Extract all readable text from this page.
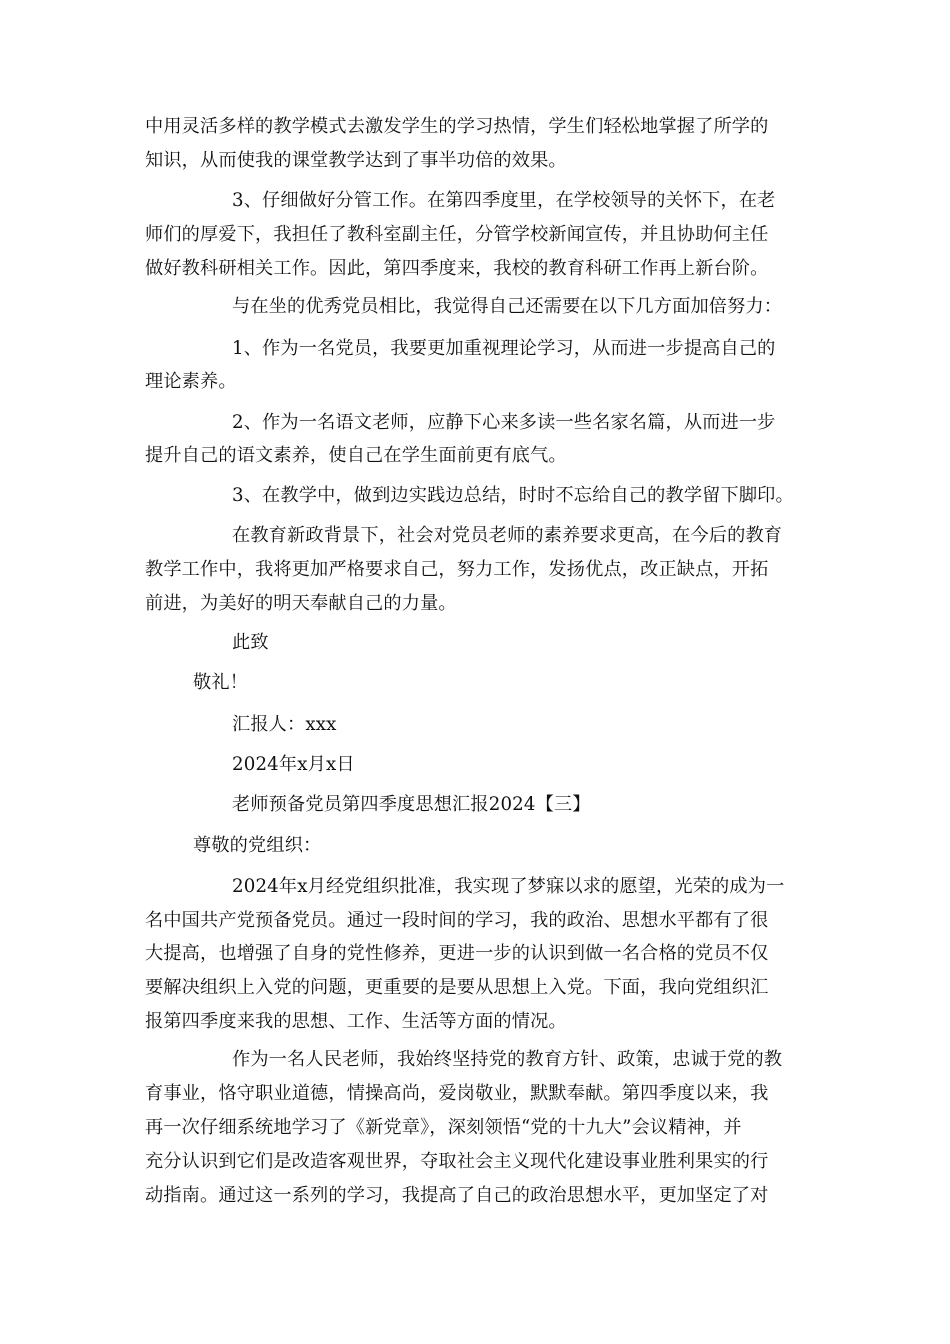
中用灵活多样的教学模式去激发学生的学习热情，学生们轻松地掌握了所学的
知识，从而使我的课堂教学达到了事半功倍的效果。
3、仔细做好分管工作。在第四季度里，在学校领导的关怀下，在老
师们的厚爱下，我担任了教科室副主任，分管学校新闻宣传，并且协助何主任
做好教科研相关工作。因此，第四季度来，我校的教育科研工作再上新台阶。
与在坐的优秀党员相比，我觉得自己还需要在以下几方面加倍努力：
1、作为一名党员，我要更加重视理论学习，从而进一步提高自己的
理论素养。
2、作为一名语文老师，应静下心来多读一些名家名篇，从而进一步
提升自己的语文素养，使自己在学生面前更有底气。
3、在教学中，做到边实践边总结，时时不忘给自己的教学留下脚印。
在教育新政背景下，社会对党员老师的素养要求更高，在今后的教育
教学工作中，我将更加严格要求自己，努力工作，发扬优点，改正缺点，开拓
前进，为美好的明天奉献自己的力量。
此致
敬礼！
汇报人：xxx
2024年x月x日
老师预备党员第四季度思想汇报2024【三】
尊敬的党组织：
2024年x月经党组织批准，我实现了梦寐以求的愿望，光荣的成为一
名中国共产党预备党员。通过一段时间的学习，我的政治、思想水平都有了很
大提高，也增强了自身的党性修养，更进一步的认识到做一名合格的党员不仅
要解决组织上入党的问题，更重要的是要从思想上入党。下面，我向党组织汇
报第四季度来我的思想、工作、生活等方面的情况。
作为一名人民老师，我始终坚持党的教育方针、政策，忠诚于党的教
育事业，恪守职业道德，情操高尚，爱岗敬业，默默奉献。第四季度以来，我
再一次仔细系统地学习了《新党章》，深刻领悟“党的十九大”会议精神，并
充分认识到它们是改造客观世界，夺取社会主义现代化建设事业胜利果实的行
动指南。通过这一系列的学习，我提高了自己的政治思想水平，更加坚定了对
